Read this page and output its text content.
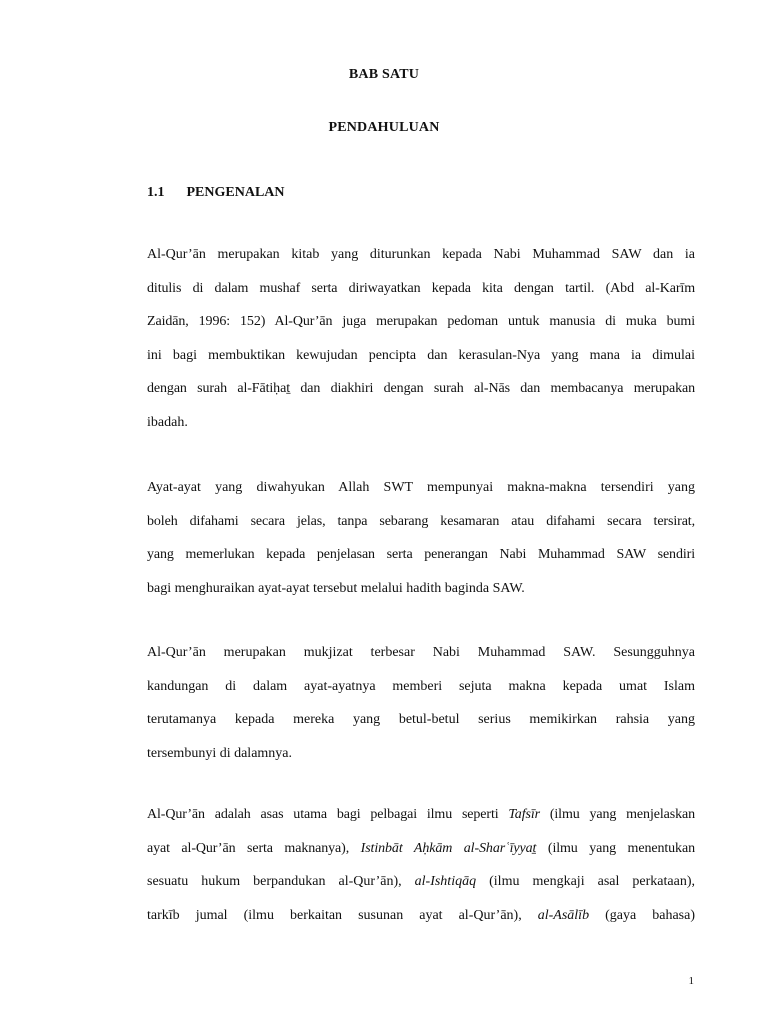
BAB SATU
PENDAHULUAN
1.1 PENGENALAN
Al-Qur’ān merupakan kitab yang diturunkan kepada Nabi Muhammad SAW dan ia
ditulis di dalam mushaf serta diriwayatkan kepada kita dengan tartil. (Abd al-Karīm
Zaidān, 1996: 152) Al-Qur’ān juga merupakan pedoman untuk manusia di muka bumi
ini bagi membuktikan kewujudan pencipta dan kerasulan-Nya yang mana ia dimulai
dengan surah al-Fātiḥaṯ dan diakhiri dengan surah al-Nās dan membacanya merupakan
ibadah.
Ayat-ayat yang diwahyukan Allah SWT mempunyai makna-makna tersendiri yang
boleh difahami secara jelas, tanpa sebarang kesamaran atau difahami secara tersirat,
yang memerlukan kepada penjelasan serta penerangan Nabi Muhammad SAW sendiri
bagi menghuraikan ayat-ayat tersebut melalui hadith baginda SAW.
Al-Qur’ān merupakan mukjizat terbesar Nabi Muhammad SAW. Sesungguhnya
kandungan di dalam ayat-ayatnya memberi sejuta makna kepada umat Islam
terutamanya kepada mereka yang betul-betul serius memikirkan rahsia yang
tersembunyi di dalamnya.
Al-Qur’ān adalah asas utama bagi pelbagai ilmu seperti Tafsīr (ilmu yang menjelaskan
ayat al-Qur’ān serta maknanya), Istinbāt Aḥkām al-Sharʿīyyaṯ (ilmu yang menentukan
sesuatu hukum berpandukan al-Qur’ān), al-Ishtiqāq (ilmu mengkaji asal perkataan),
tarkīb jumal (ilmu berkaitan susunan ayat al-Qur’ān), al-Asālīb (gaya bahasa)
1
